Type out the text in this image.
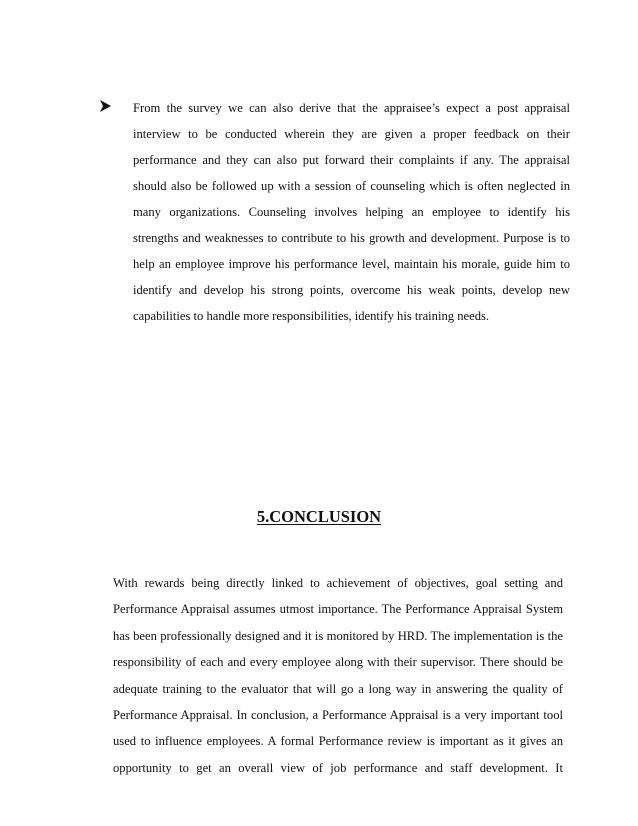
From the survey we can also derive that the appraisee’s expect a post appraisal
interview to be conducted wherein they are given a proper feedback on their
performance and they can also put forward their complaints if any. The appraisal
should also be followed up with a session of counseling which is often neglected in
many organizations. Counseling involves helping an employee to identify his
strengths and weaknesses to contribute to his growth and development. Purpose is to
help an employee improve his performance level, maintain his morale, guide him to
identify and develop his strong points, overcome his weak points, develop new
capabilities to handle more responsibilities, identify his training needs.
5.CONCLUSION
With rewards being directly linked to achievement of objectives, goal setting and
Performance Appraisal assumes utmost importance. The Performance Appraisal System
has been professionally designed and it is monitored by HRD. The implementation is the
responsibility of each and every employee along with their supervisor. There should be
adequate training to the evaluator that will go a long way in answering the quality of
Performance Appraisal. In conclusion, a Performance Appraisal is a very important tool
used to influence employees. A formal Performance review is important as it gives an
opportunity to get an overall view of job performance and staff development. It
